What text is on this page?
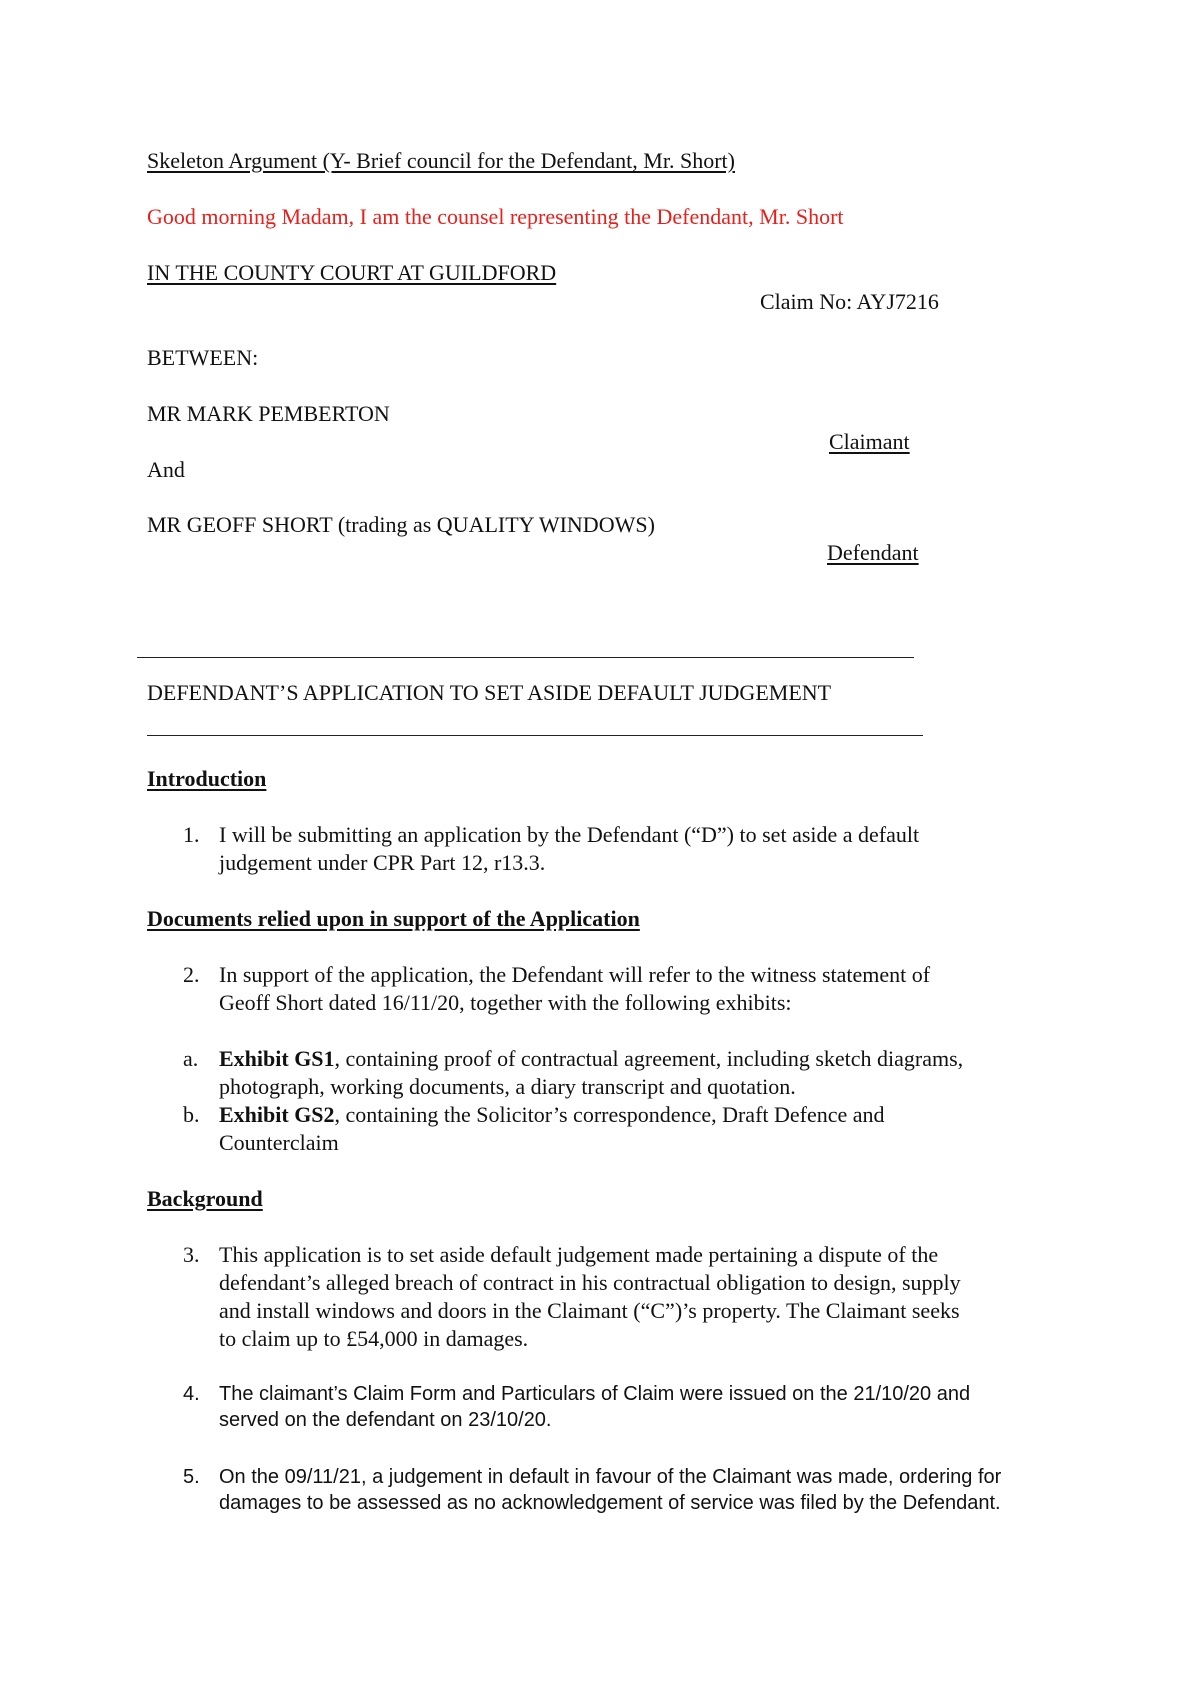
Skeleton Argument (Y- Brief council for the Defendant, Mr. Short)
Good morning Madam, I am the counsel representing the Defendant, Mr. Short
IN THE COUNTY COURT AT GUILDFORD
Claim No: AYJ7216
BETWEEN:
MR MARK PEMBERTON
Claimant
And
MR GEOFF SHORT (trading as QUALITY WINDOWS)
Defendant
DEFENDANT’S APPLICATION TO SET ASIDE DEFAULT JUDGEMENT
Introduction
1. I will be submitting an application by the Defendant (“D”) to set aside a default
judgement under CPR Part 12, r13.3.
Documents relied upon in support of the Application
2. In support of the application, the Defendant will refer to the witness statement of
Geoff Short dated 16/11/20, together with the following exhibits:
a. Exhibit GS1, containing proof of contractual agreement, including sketch diagrams,
photograph, working documents, a diary transcript and quotation.
b. Exhibit GS2, containing the Solicitor’s correspondence, Draft Defence and
Counterclaim
Background
3. This application is to set aside default judgement made pertaining a dispute of the
defendant’s alleged breach of contract in his contractual obligation to design, supply
and install windows and doors in the Claimant (“C”)’s property. The Claimant seeks
to claim up to £54,000 in damages.
4. The claimant’s Claim Form and Particulars of Claim were issued on the 21/10/20 and
served on the defendant on 23/10/20.
5. On the 09/11/21, a judgement in default in favour of the Claimant was made, ordering for
damages to be assessed as no acknowledgement of service was filed by the Defendant.
